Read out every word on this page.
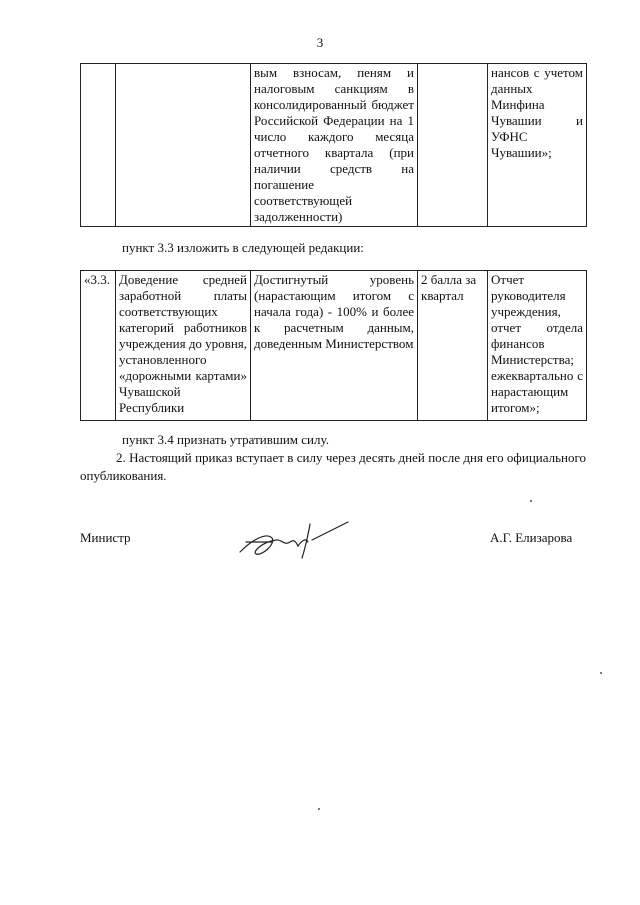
3
		вым взносам, пеням и налоговым санкциям в консолидированный бюджет Российской Федерации на 1 число каждого месяца отчетного квартала (при наличии средств на погашение соответствующей задолженности)		нансов с учетом данных Минфина Чувашии и УФНС Чувашии»;
пункт 3.3 изложить в следующей редакции:
«3.3.	Доведение средней заработной платы соответствующих категорий работников учреждения до уровня, установленного «дорожными картами» Чувашской Республики	Достигнутый уровень (нарастающим итогом с начала года) - 100% и более к расчетным данным, доведенным Министерством	2 балла за квартал	Отчет руководителя учреждения, отчет отдела финансов Министерства; ежеквартально с нарастающим итогом»;
пункт 3.4 признать утратившим силу.
2. Настоящий приказ вступает в силу через десять дней после дня его официального опубликования.
Министр	А.Г. Елизарова
